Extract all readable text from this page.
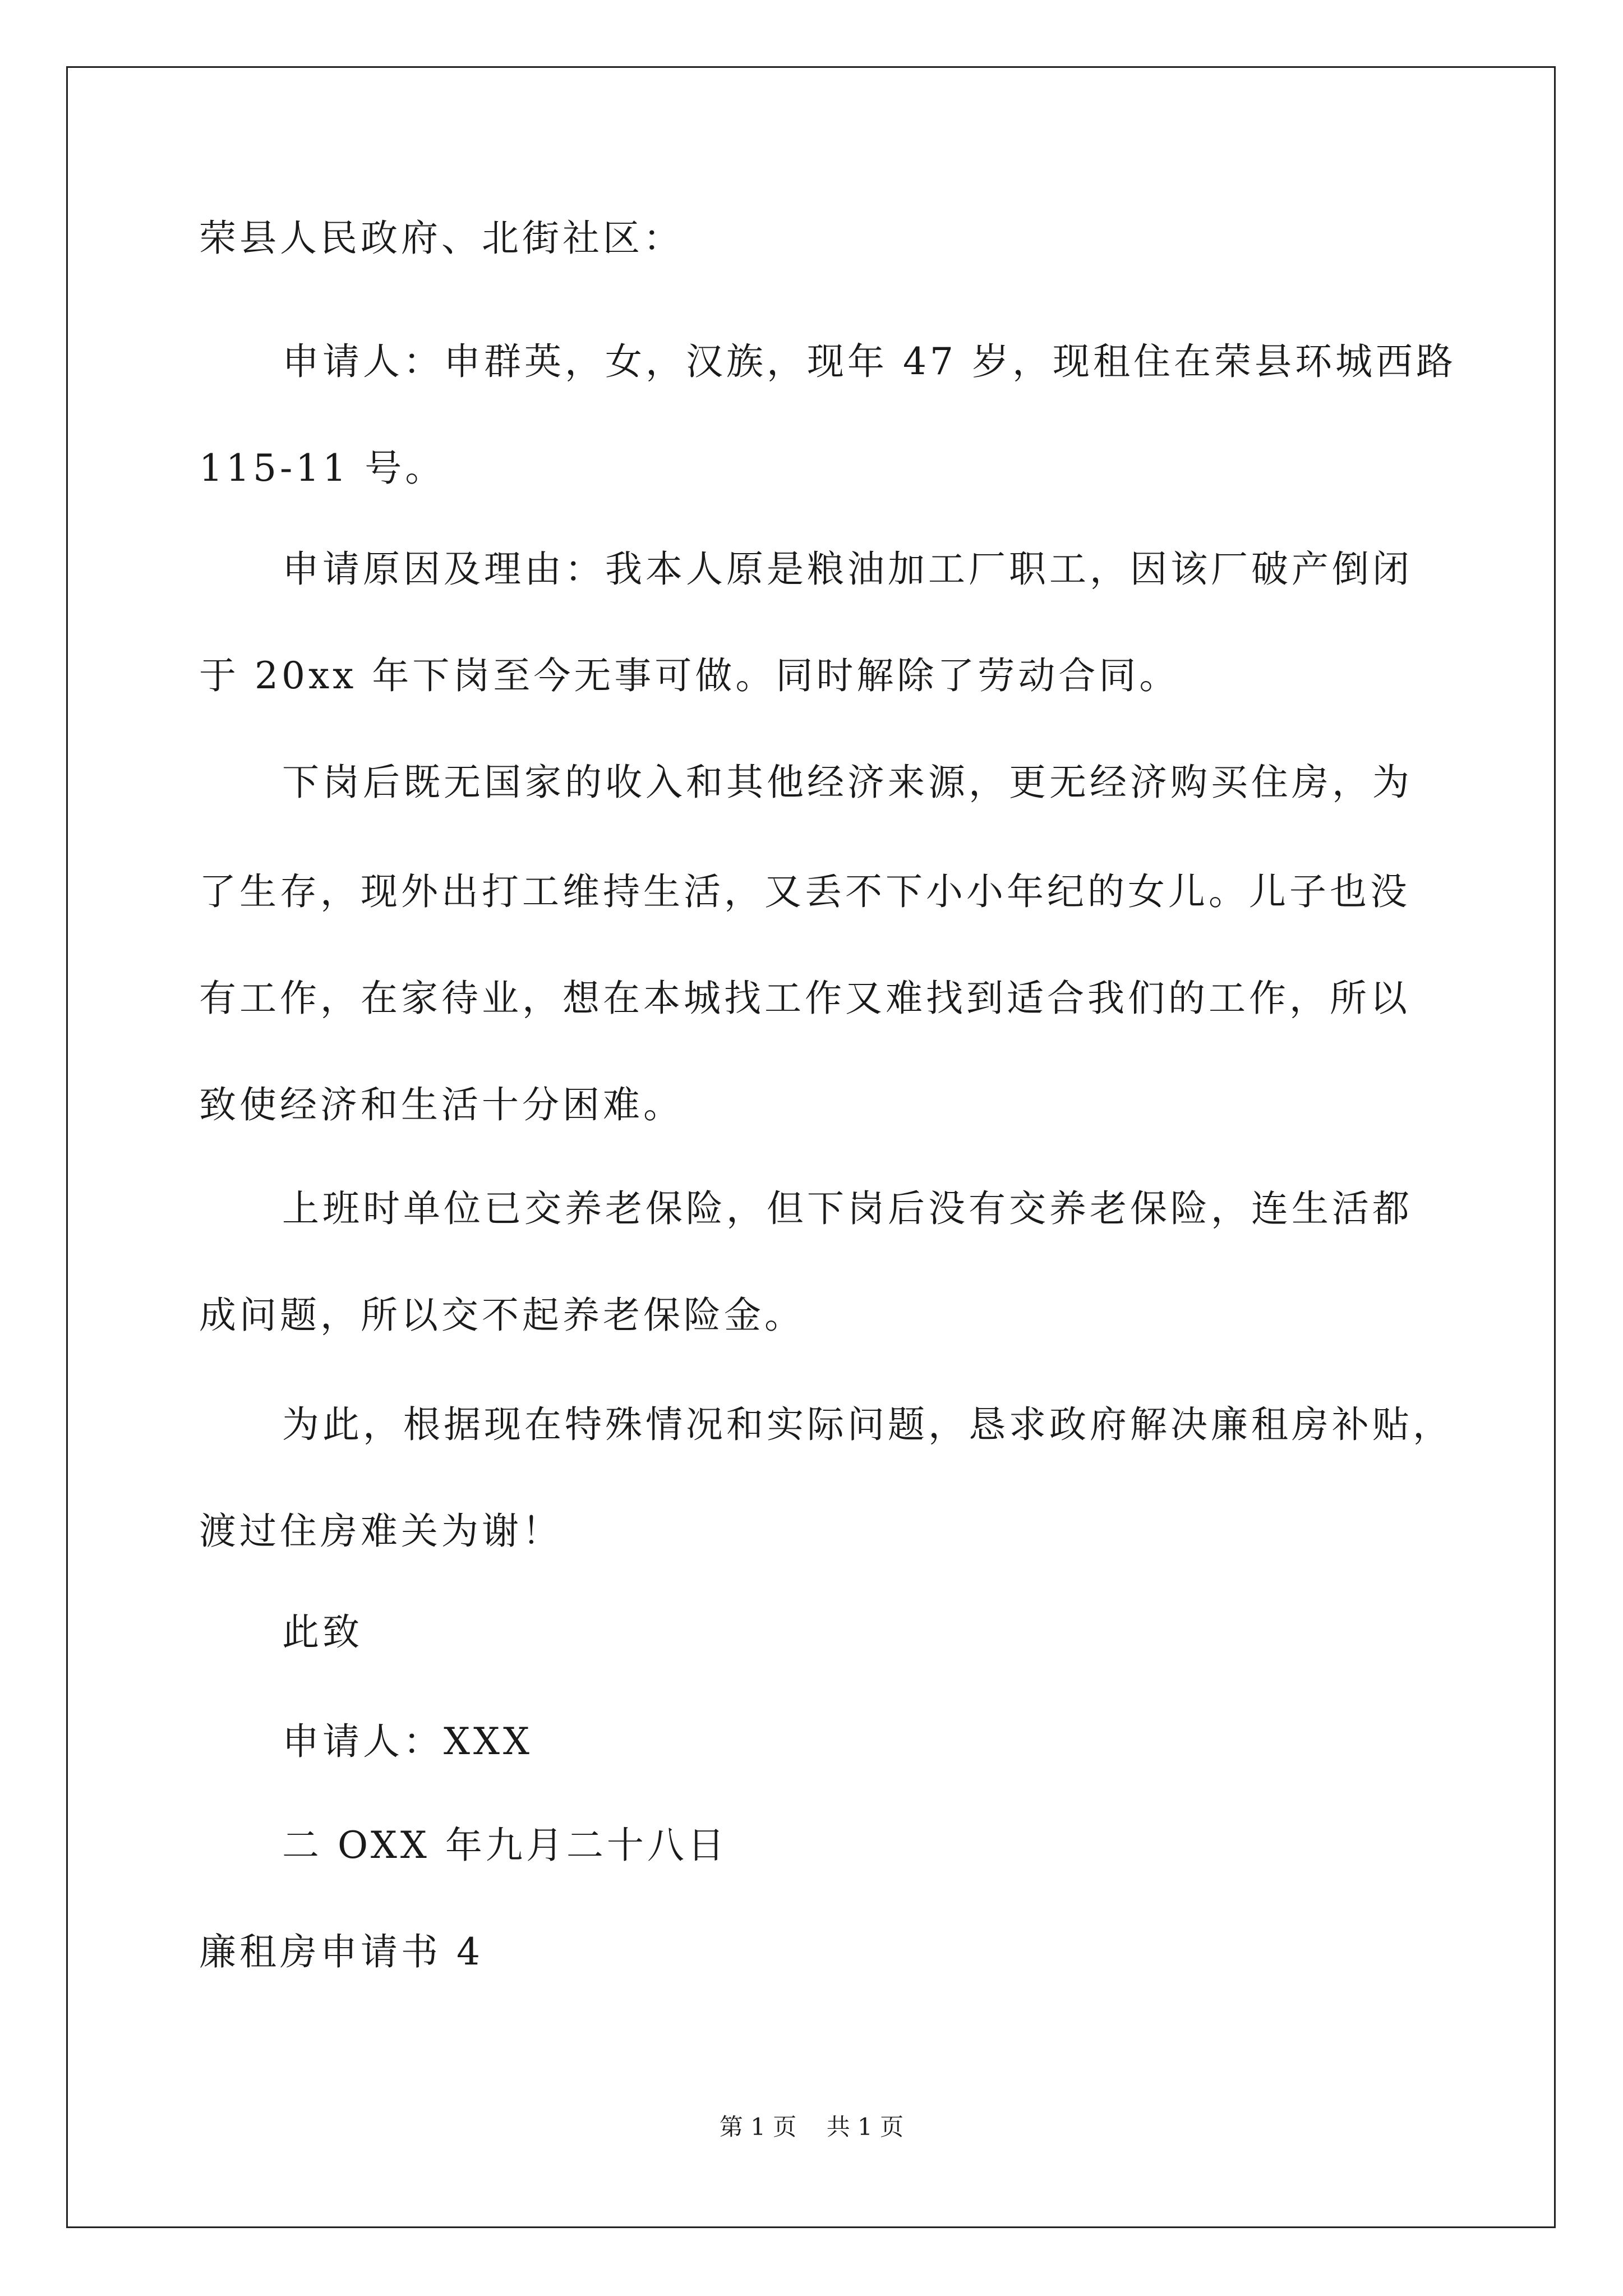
荣县人民政府、北街社区：
申请人：申群英，女，汉族，现年 47 岁，现租住在荣县环城西路
115-11 号。
申请原因及理由：我本人原是粮油加工厂职工，因该厂破产倒闭
于 20xx 年下岗至今无事可做。同时解除了劳动合同。
下岗后既无国家的收入和其他经济来源，更无经济购买住房，为
了生存，现外出打工维持生活，又丢不下小小年纪的女儿。儿子也没
有工作，在家待业，想在本城找工作又难找到适合我们的工作，所以
致使经济和生活十分困难。
上班时单位已交养老保险，但下岗后没有交养老保险，连生活都
成问题，所以交不起养老保险金。
为此，根据现在特殊情况和实际问题，恳求政府解决廉租房补贴，
渡过住房难关为谢！
此致
申请人：XXX
二 OXX 年九月二十八日
廉租房申请书 4
第 1 页    共 1 页
